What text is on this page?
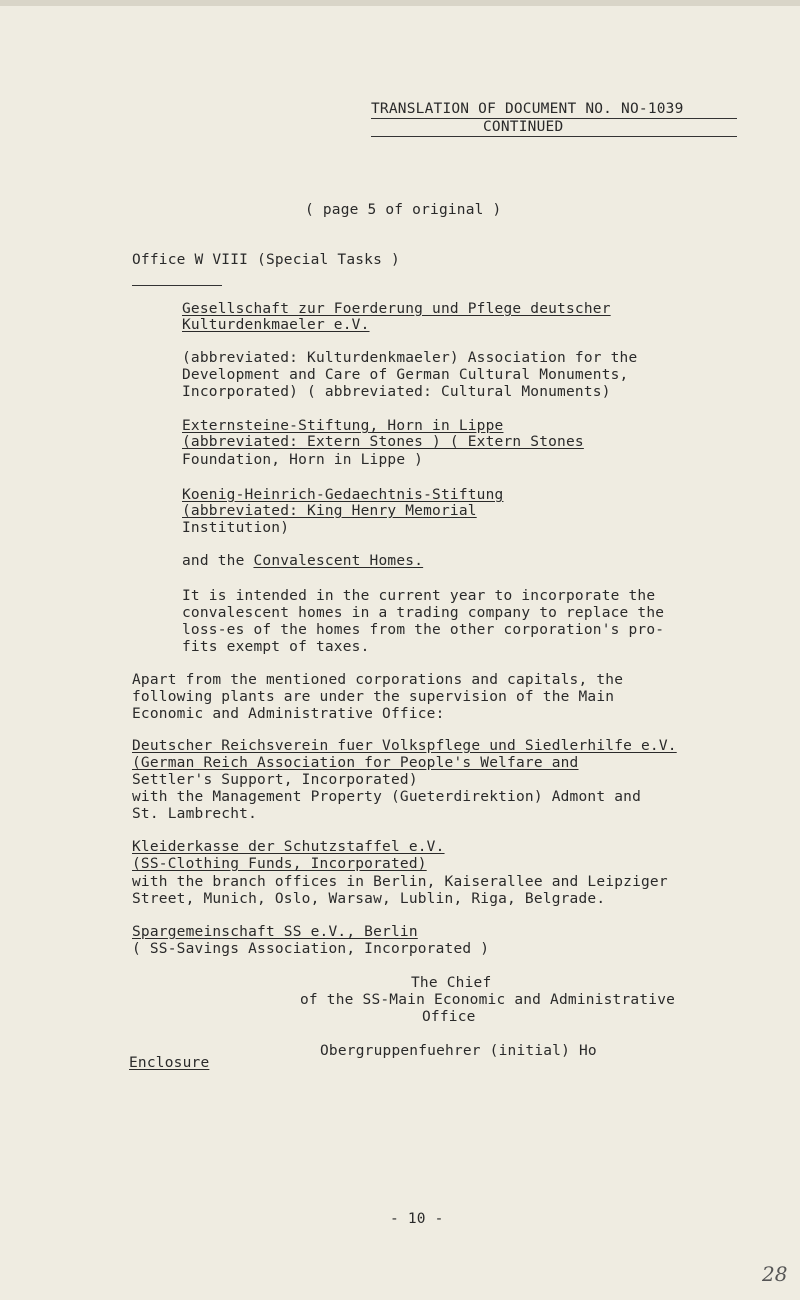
TRANSLATION OF DOCUMENT NO. NO-1039
CONTINUED
( page 5 of original )
Office W VIII (Special Tasks )
Gesellschaft zur Foerderung und Pflege deutscher
Kulturdenkmaeler e.V.
(abbreviated: Kulturdenkmaeler) Association for the
Development and Care of German Cultural Monuments,
Incorporated) ( abbreviated: Cultural Monuments)
Externsteine-Stiftung, Horn in Lippe
(abbreviated: Extern Stones ) ( Extern Stones
Foundation, Horn in Lippe )
Koenig-Heinrich-Gedaechtnis-Stiftung
(abbreviated: King Henry Memorial
Institution)
and the Convalescent Homes.
It is intended in the current year to incorporate the
convalescent homes in a trading company to replace the
loss-es of the homes from the other corporation's pro-
fits exempt of taxes.
Apart from the mentioned corporations and capitals, the
following plants are under the supervision of the Main
Economic and Administrative Office:
Deutscher Reichsverein fuer Volkspflege und Siedlerhilfe e.V.
(German Reich Association for People's Welfare and
Settler's Support, Incorporated)
with the Management Property (Gueterdirektion) Admont and
St. Lambrecht.
Kleiderkasse der Schutzstaffel e.V.
(SS-Clothing Funds, Incorporated)
with the branch offices in Berlin, Kaiserallee and Leipziger
Street, Munich, Oslo, Warsaw, Lublin, Riga, Belgrade.
Spargemeinschaft SS e.V., Berlin
( SS-Savings Association, Incorporated )
The Chief
of the SS-Main Economic and Administrative
Office
Obergruppenfuehrer (initial) Ho
Enclosure
- 10 -
28
